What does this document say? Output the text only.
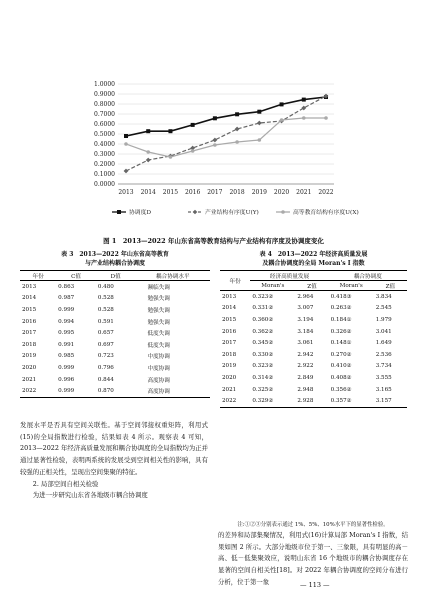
0.0000
0.1000
0.2000
0.3000
0.4000
0.5000
0.6000
0.7000
0.8000
0.9000
1.0000
2013 2014 2015 2016 2017 2018 2019 2020 2021 2022
协调度D	产业结构有序度U(Y)	高等教育结构有序度U(X)
图 1　2013—2022 年山东省高等教育结构与产业结构有序度及协调度变化
表 3　2013—2022 年山东省高等教育
与产业结构耦合协调度
年份	C值	D值	耦合协调水平
2013	0.863	0.480	濒临失调
2014	0.987	0.528	勉强失调
2015	0.999	0.528	勉强失调
2016	0.994	0.591	勉强失调
2017	0.995	0.657	低度失调
2018	0.991	0.697	低度失调
2019	0.985	0.723	中度协调
2020	0.999	0.796	中度协调
2021	0.996	0.844	高度协调
2022	0.999	0.870	高度协调
表 4　2013—2022 年经济高质量发展
及耦合协调度的全局 Moran's I 指数
年份	经济高质量发展		耦合协调度	
	Moran's	Z值	Moran's	Z值
2013	0.323②	2.964	0.418③	3.834
2014	0.331②	3.007	0.263②	2.545
2015	0.360②	3.194	0.184①	1.979
2016	0.362②	3.184	0.326②	3.041
2017	0.345②	3.061	0.148①	1.649
2018	0.330②	2.942	0.270②	2.536
2019	0.323②	2.922	0.410②	3.734
2020	0.314②	2.849	0.408②	3.555
2021	0.325②	2.948	0.356②	3.165
2022	0.329②	2.928	0.357②	3.157
注:①②③分别表示通过 1%、5%、10%水平下的显著性检验。

发展水平是否具有空间关联性。基于空间邻接权重矩阵，利用式(15)的全局指数进行检验，结果如表 4 所示。观察表 4 可知，2013—2022 年经济高质量发展和耦合协调度的全局指数均为正并通过显著性检验，表明两系统的发展受到空间相关性的影响，具有较强的正相关性，呈现出空间集聚的特征。

2. 局部空间自相关检验

为进一步研究山东省各地级市耦合协调度

的差异和局部集聚情况，利用式(16)计算局部 Moran's I 指数，结果如图 2 所示。大部分地级市位于第一、三象限，具有明显的高－高、低－低集聚效应，说明山东省 16 个地级市的耦合协调度存在显著的空间自相关性[18]。对 2022 年耦合协调度的空间分布进行分析，位于第一象	— 113 —
